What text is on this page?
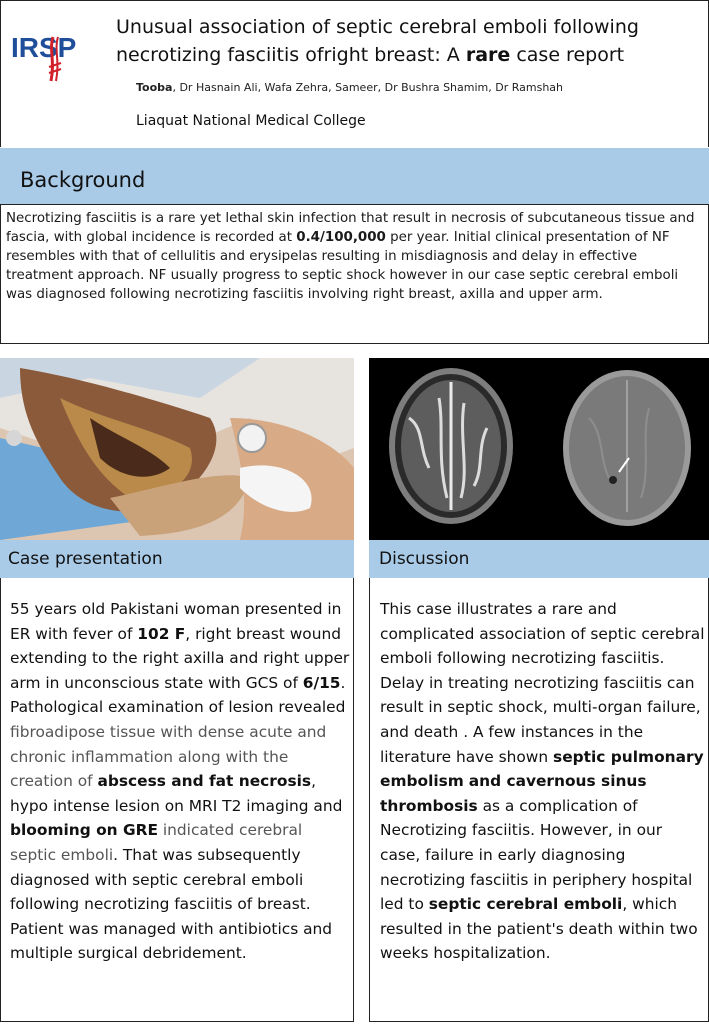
IRSP
Unusual association of septic cerebral emboli following necrotizing fasciitis ofright breast: A rare case report
Tooba, Dr Hasnain Ali, Wafa Zehra, Sameer, Dr Bushra Shamim, Dr Ramshah
Liaquat National Medical College
Background
Necrotizing fasciitis is a rare yet lethal skin infection that result in necrosis of subcutaneous tissue and fascia, with global incidence is recorded at 0.4/100,000 per year. Initial clinical presentation of NF resembles with that of cellulitis and erysipelas resulting in misdiagnosis and delay in effective treatment approach. NF usually progress to septic shock however in our case septic cerebral emboli was diagnosed following necrotizing fasciitis involving right breast, axilla and upper arm.
Case presentation
55 years old Pakistani woman presented in ER with fever of 102 F, right breast wound extending to the right axilla and right upper arm in unconscious state with GCS of 6/15. Pathological examination of lesion revealed fibroadipose tissue with dense acute and chronic inflammation along with the creation of abscess and fat necrosis, hypo intense lesion on MRI T2 imaging and blooming on GRE indicated cerebral septic emboli. That was subsequently diagnosed with septic cerebral emboli following necrotizing fasciitis of breast. Patient was managed with antibiotics and multiple surgical debridement.
Discussion
This case illustrates a rare and complicated association of septic cerebral emboli following necrotizing fasciitis. Delay in treating necrotizing fasciitis can result in septic shock, multi-organ failure, and death . A few instances in the literature have shown septic pulmonary embolism and cavernous sinus thrombosis as a complication of Necrotizing fasciitis. However, in our case, failure in early diagnosing necrotizing fasciitis in periphery hospital led to septic cerebral emboli, which resulted in the patient's death within two weeks hospitalization.
